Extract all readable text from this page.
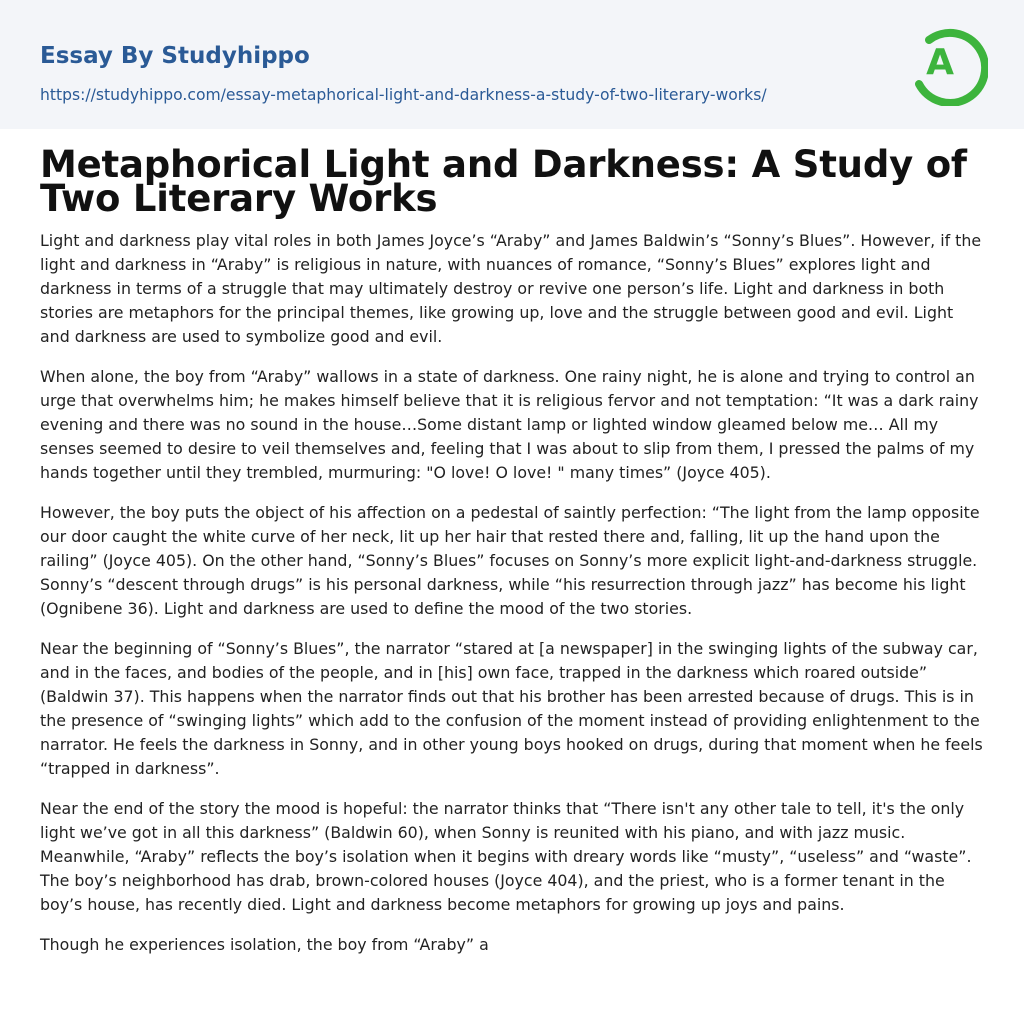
Essay By Studyhippo
https://studyhippo.com/essay-metaphorical-light-and-darkness-a-study-of-two-literary-works/
A
Metaphorical Light and Darkness: A Study of Two Literary Works

Light and darkness play vital roles in both James Joyce’s “Araby” and James Baldwin’s “Sonny’s Blues”. However, if the light and darkness in “Araby” is religious in nature, with nuances of romance, “Sonny’s Blues” explores light and darkness in terms of a struggle that may ultimately destroy or revive one person’s life. Light and darkness in both stories are metaphors for the principal themes, like growing up, love and the struggle between good and evil. Light and darkness are used to symbolize good and evil.

When alone, the boy from “Araby” wallows in a state of darkness. One rainy night, he is alone and trying to control an urge that overwhelms him; he makes himself believe that it is religious fervor and not temptation: “It was a dark rainy evening and there was no sound in the house…Some distant lamp or lighted window gleamed below me… All my senses seemed to desire to veil themselves and, feeling that I was about to slip from them, I pressed the palms of my hands together until they trembled, murmuring: "O love! O love! " many times” (Joyce 405).

However, the boy puts the object of his affection on a pedestal of saintly perfection: “The light from the lamp opposite our door caught the white curve of her neck, lit up her hair that rested there and, falling, lit up the hand upon the railing” (Joyce 405). On the other hand, “Sonny’s Blues” focuses on Sonny’s more explicit light-and-darkness struggle. Sonny’s “descent through drugs” is his personal darkness, while “his resurrection through jazz” has become his light (Ognibene 36). Light and darkness are used to define the mood of the two stories.

Near the beginning of “Sonny’s Blues”, the narrator “stared at [a newspaper] in the swinging lights of the subway car, and in the faces, and bodies of the people, and in [his] own face, trapped in the darkness which roared outside” (Baldwin 37). This happens when the narrator finds out that his brother has been arrested because of drugs. This is in the presence of “swinging lights” which add to the confusion of the moment instead of providing enlightenment to the narrator. He feels the darkness in Sonny, and in other young boys hooked on drugs, during that moment when he feels “trapped in darkness”.

Near the end of the story the mood is hopeful: the narrator thinks that “There isn't any other tale to tell, it's the only light we’ve got in all this darkness” (Baldwin 60), when Sonny is reunited with his piano, and with jazz music. Meanwhile, “Araby” reflects the boy’s isolation when it begins with dreary words like “musty”, “useless” and “waste”. The boy’s neighborhood has drab, brown-colored houses (Joyce 404), and the priest, who is a former tenant in the boy’s house, has recently died. Light and darkness become metaphors for growing up joys and pains.

Though he experiences isolation, the boy from “Araby” a
